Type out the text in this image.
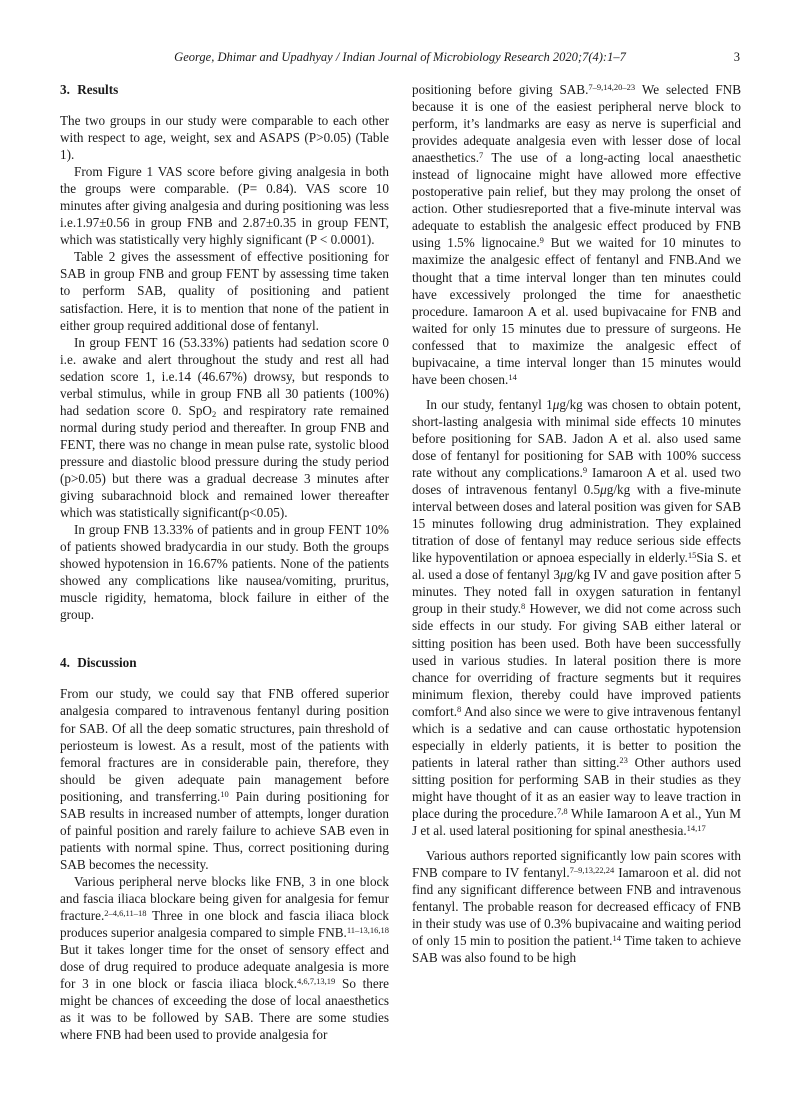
George, Dhimar and Upadhyay / Indian Journal of Microbiology Research 2020;7(4):1–7	3
3. Results

The two groups in our study were comparable to each other with respect to age, weight, sex and ASAPS (P>0.05) (Table 1).

From Figure 1 VAS score before giving analgesia in both the groups were comparable. (P= 0.84). VAS score 10 minutes after giving analgesia and during positioning was less i.e.1.97±0.56 in group FNB and 2.87±0.35 in group FENT, which was statistically very highly significant (P < 0.0001).

Table 2 gives the assessment of effective positioning for SAB in group FNB and group FENT by assessing time taken to perform SAB, quality of positioning and patient satisfaction. Here, it is to mention that none of the patient in either group required additional dose of fentanyl.

In group FENT 16 (53.33%) patients had sedation score 0 i.e. awake and alert throughout the study and rest all had sedation score 1, i.e.14 (46.67%) drowsy, but responds to verbal stimulus, while in group FNB all 30 patients (100%) had sedation score 0. SpO$_2$ and respiratory rate remained normal during study period and thereafter. In group FNB and FENT, there was no change in mean pulse rate, systolic blood pressure and diastolic blood pressure during the study period (p>0.05) but there was a gradual decrease 3 minutes after giving subarachnoid block and remained lower thereafter which was statistically significant(p<0.05).

In group FNB 13.33% of patients and in group FENT 10% of patients showed bradycardia in our study. Both the groups showed hypotension in 16.67% patients. None of the patients showed any complications like nausea/vomiting, pruritus, muscle rigidity, hematoma, block failure in either of the group.

4. Discussion

From our study, we could say that FNB offered superior analgesia compared to intravenous fentanyl during position for SAB. Of all the deep somatic structures, pain threshold of periosteum is lowest. As a result, most of the patients with femoral fractures are in considerable pain, therefore, they should be given adequate pain management before positioning, and transferring.$^{10}$ Pain during positioning for SAB results in increased number of attempts, longer duration of painful position and rarely failure to achieve SAB even in patients with normal spine. Thus, correct positioning during SAB becomes the necessity.

Various peripheral nerve blocks like FNB, 3 in one block and fascia iliaca blockare being given for analgesia for femur fracture.$^{2-4,6,11-18}$ Three in one block and fascia iliaca block produces superior analgesia compared to simple FNB.$^{11-13,16,18}$ But it takes longer time for the onset of sensory effect and dose of drug required to produce adequate analgesia is more for 3 in one block or fascia iliaca block.$^{4,6,7,13,19}$ So there might be chances of exceeding the dose of local anaesthetics as it was to be followed by SAB. There are some studies where FNB had been used to provide analgesia for

positioning before giving SAB.$^{7-9,14,20-23}$ We selected FNB because it is one of the easiest peripheral nerve block to perform, it’s landmarks are easy as nerve is superficial and provides adequate analgesia even with lesser dose of local anaesthetics.$^7$ The use of a long-acting local anaesthetic instead of lignocaine might have allowed more effective postoperative pain relief, but they may prolong the onset of action. Other studiesreported that a five-minute interval was adequate to establish the analgesic effect produced by FNB using 1.5% lignocaine.$^9$ But we waited for 10 minutes to maximize the analgesic effect of fentanyl and FNB.And we thought that a time interval longer than ten minutes could have excessively prolonged the time for anaesthetic procedure. Iamaroon A et al. used bupivacaine for FNB and waited for only 15 minutes due to pressure of surgeons. He confessed that to maximize the analgesic effect of bupivacaine, a time interval longer than 15 minutes would have been chosen.$^{14}$

In our study, fentanyl 1μg/kg was chosen to obtain potent, short-lasting analgesia with minimal side effects 10 minutes before positioning for SAB. Jadon A et al. also used same dose of fentanyl for positioning for SAB with 100% success rate without any complications.$^9$ Iamaroon A et al. used two doses of intravenous fentanyl 0.5μg/kg with a five-minute interval between doses and lateral position was given for SAB 15 minutes following drug administration. They explained titration of dose of fentanyl may reduce serious side effects like hypoventilation or apnoea especially in elderly.$^{15}$Sia S. et al. used a dose of fentanyl 3μg/kg IV and gave position after 5 minutes. They noted fall in oxygen saturation in fentanyl group in their study.$^8$ However, we did not come across such side effects in our study. For giving SAB either lateral or sitting position has been used. Both have been successfully used in various studies. In lateral position there is more chance for overriding of fracture segments but it requires minimum flexion, thereby could have improved patients comfort.$^8$ And also since we were to give intravenous fentanyl which is a sedative and can cause orthostatic hypotension especially in elderly patients, it is better to position the patients in lateral rather than sitting.$^{23}$ Other authors used sitting position for performing SAB in their studies as they might have thought of it as an easier way to leave traction in place during the procedure.$^{7,8}$ While Iamaroon A et al., Yun M J et al. used lateral positioning for spinal anesthesia.$^{14,17}$

Various authors reported significantly low pain scores with FNB compare to IV fentanyl.$^{7-9,13,22,24}$ Iamaroon et al. did not find any significant difference between FNB and intravenous fentanyl. The probable reason for decreased efficacy of FNB in their study was use of 0.3% bupivacaine and waiting period of only 15 min to position the patient.$^{14}$ Time taken to achieve SAB was also found to be high
